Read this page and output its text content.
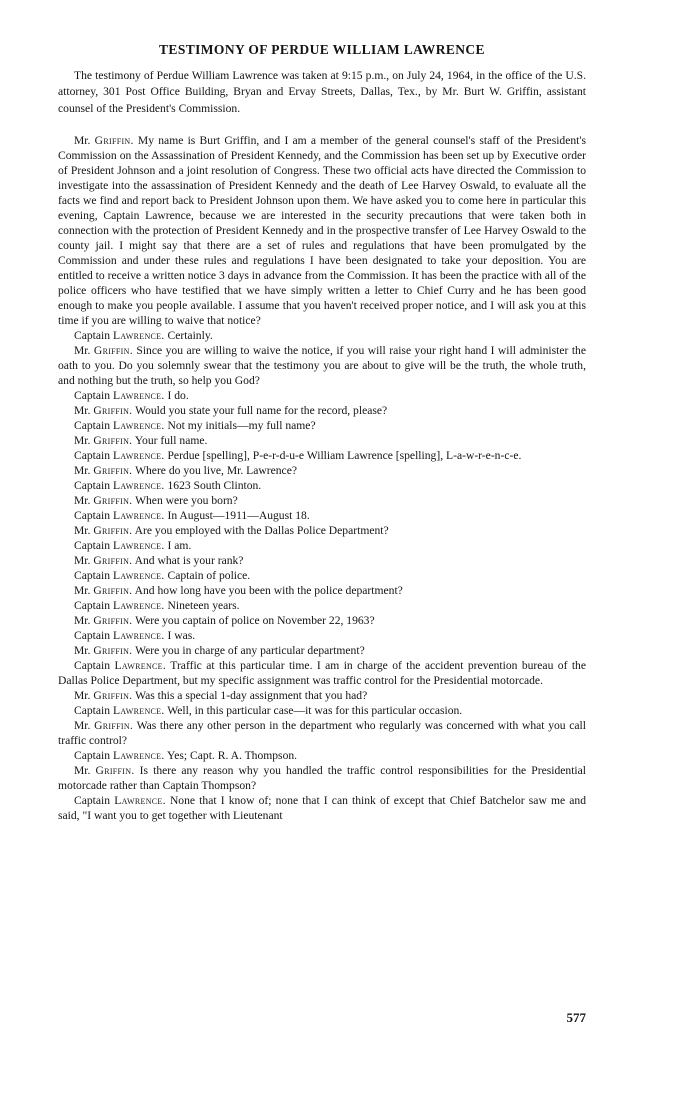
TESTIMONY OF PERDUE WILLIAM LAWRENCE

The testimony of Perdue William Lawrence was taken at 9:15 p.m., on July 24, 1964, in the office of the U.S. attorney, 301 Post Office Building, Bryan and Ervay Streets, Dallas, Tex., by Mr. Burt W. Griffin, assistant counsel of the President's Commission.

Mr. Griffin. My name is Burt Griffin, and I am a member of the general counsel's staff of the President's Commission on the Assassination of President Kennedy, and the Commission has been set up by Executive order of President Johnson and a joint resolution of Congress. These two official acts have directed the Commission to investigate into the assassination of President Kennedy and the death of Lee Harvey Oswald, to evaluate all the facts we find and report back to President Johnson upon them. We have asked you to come here in particular this evening, Captain Lawrence, because we are interested in the security precautions that were taken both in connection with the protection of President Kennedy and in the prospective transfer of Lee Harvey Oswald to the county jail. I might say that there are a set of rules and regulations that have been promulgated by the Commission and under these rules and regulations I have been designated to take your deposition. You are entitled to receive a written notice 3 days in advance from the Commission. It has been the practice with all of the police officers who have testified that we have simply written a letter to Chief Curry and he has been good enough to make you people available. I assume that you haven't received proper notice, and I will ask you at this time if you are willing to waive that notice?

Captain Lawrence. Certainly.

Mr. Griffin. Since you are willing to waive the notice, if you will raise your right hand I will administer the oath to you. Do you solemnly swear that the testimony you are about to give will be the truth, the whole truth, and nothing but the truth, so help you God?

Captain Lawrence. I do.

Mr. Griffin. Would you state your full name for the record, please?

Captain Lawrence. Not my initials—my full name?

Mr. Griffin. Your full name.

Captain Lawrence. Perdue [spelling], P-e-r-d-u-e William Lawrence [spelling], L-a-w-r-e-n-c-e.

Mr. Griffin. Where do you live, Mr. Lawrence?

Captain Lawrence. 1623 South Clinton.

Mr. Griffin. When were you born?

Captain Lawrence. In August—1911—August 18.

Mr. Griffin. Are you employed with the Dallas Police Department?

Captain Lawrence. I am.

Mr. Griffin. And what is your rank?

Captain Lawrence. Captain of police.

Mr. Griffin. And how long have you been with the police department?

Captain Lawrence. Nineteen years.

Mr. Griffin. Were you captain of police on November 22, 1963?

Captain Lawrence. I was.

Mr. Griffin. Were you in charge of any particular department?

Captain Lawrence. Traffic at this particular time. I am in charge of the accident prevention bureau of the Dallas Police Department, but my specific assignment was traffic control for the Presidential motorcade.

Mr. Griffin. Was this a special 1-day assignment that you had?

Captain Lawrence. Well, in this particular case—it was for this particular occasion.

Mr. Griffin. Was there any other person in the department who regularly was concerned with what you call traffic control?

Captain Lawrence. Yes; Capt. R. A. Thompson.

Mr. Griffin. Is there any reason why you handled the traffic control responsibilities for the Presidential motorcade rather than Captain Thompson?

Captain Lawrence. None that I know of; none that I can think of except that Chief Batchelor saw me and said, "I want you to get together with Lieutenant

577
